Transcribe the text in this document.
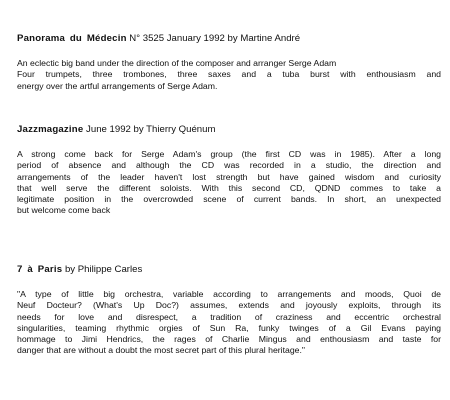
Panorama du Médecin N° 3525 January 1992 by Martine André
An eclectic big band under the direction of the composer and arranger Serge Adam
Four trumpets, three trombones, three saxes and a tuba burst with enthousiasm and
energy over the artful arrangements of Serge Adam.
Jazzmagazine June 1992 by Thierry Quénum
A strong come back for Serge Adam's group (the first CD was in 1985). After a long
period of absence and although the CD was recorded in a studio, the direction and
arrangements of the leader haven't lost strength but have gained wisdom and curiosity
that well serve the different soloists. With this second CD, QDND commes to take a
legitimate position in the overcrowded scene of current bands. In short, an unexpected
but welcome come back
7 à Paris by Philippe Carles
"A type of little big orchestra, variable according to arrangements and moods, Quoi de
Neuf Docteur? (What's Up Doc?) assumes, extends and joyously exploits, through its
needs for love and disrespect, a tradition of craziness and eccentric orchestral
singularities, teaming rhythmic orgies of Sun Ra, funky twinges of a Gil Evans paying
hommage to Jimi Hendrics, the rages of Charlie Mingus and enthousiasm and taste for
danger that are without a doubt the most secret part of this plural heritage."
